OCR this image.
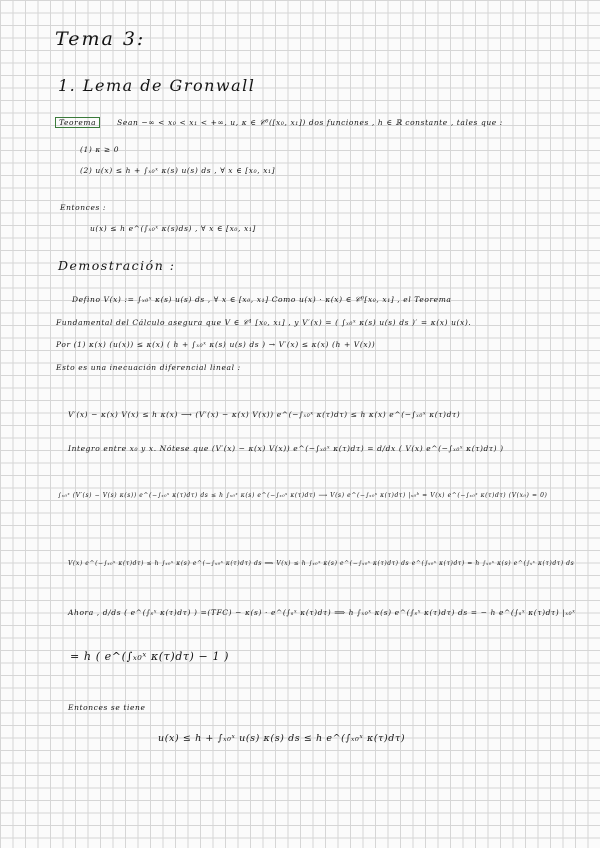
Tema 3:
1. Lema de Gronwall
Teorema	Sean −∞ < x₀ < x₁ < +∞, u, κ ∈ 𝒞⁰([x₀, x₁]) dos funciones , h ∈ ℝ constante , tales que :
(1) κ ≥ 0
(2) u(x) ≤ h + ∫ₓ₀ˣ κ(s) u(s) ds , ∀ x ∈ [x₀, x₁]
Entonces :
u(x) ≤ h e^(∫ₓ₀ˣ κ(s)ds) , ∀ x ∈ [x₀, x₁]
Demostración :
Defino V(x) := ∫ₓ₀ˣ κ(s) u(s) ds , ∀ x ∈ [x₀, x₁] Como u(x) · κ(x) ∈ 𝒞⁰[x₀, x₁] , el Teorema
Fundamental del Cálculo asegura que V ∈ 𝒞¹ [x₀, x₁] , y V′(x) = ( ∫ₓ₀ˣ κ(s) u(s) ds )′ = κ(x) u(x).
Por (1) κ(x) (u(x)) ≤ κ(x) ( h + ∫ₓ₀ˣ κ(s) u(s) ds ) → V′(x) ≤ κ(x) (h + V(x))
Esto es una inecuación diferencial lineal :
V′(x) − κ(x) V(x) ≤ h κ(x) ⟶ (V′(x) − κ(x) V(x)) e^(−∫ₓ₀ˣ κ(τ)dτ) ≤ h κ(x) e^(−∫ₓ₀ˣ κ(τ)dτ)
Integro entre x₀ y x. Nótese que (V′(x) − κ(x) V(x)) e^(−∫ₓ₀ˣ κ(τ)dτ) = d/dx ( V(x) e^(−∫ₓ₀ˣ κ(τ)dτ) )
∫ₓ₀ˣ (V′(s) − V(s) κ(s)) e^(−∫ₓ₀ˢ κ(τ)dτ) ds ≤ h ∫ₓ₀ˣ κ(s) e^(−∫ₓ₀ˢ κ(τ)dτ) ⟶ V(s) e^(−∫ₓ₀ˢ κ(τ)dτ) |ₓ₀ᵇ = V(x) e^(−∫ₓ₀ˣ κ(τ)dτ) (V(x₀) = 0)
V(x) e^(−∫ₓ₀ˣ κ(τ)dτ) ≤ h ∫ₓ₀ˣ κ(s) e^(−∫ₓ₀ˢ κ(τ)dτ) ds ⟹ V(x) ≤ h ∫ₓ₀ˣ κ(s) e^(−∫ₓ₀ˢ κ(τ)dτ) ds e^(∫ₓ₀ˣ κ(τ)dτ) = h ∫ₓ₀ˣ κ(s) e^(∫ₛˣ κ(τ)dτ) ds
Ahora , d/ds ( e^(∫ₛˣ κ(τ)dτ) ) =(TFC) − κ(s) · e^(∫ₛˣ κ(τ)dτ) ⟹ h ∫ₓ₀ˣ κ(s) e^(∫ₛˣ κ(τ)dτ) ds = − h e^(∫ₛˣ κ(τ)dτ) |ₓ₀ˣ
= h ( e^(∫ₓ₀ˣ κ(τ)dτ) − 1 )
Entonces se tiene
u(x) ≤ h + ∫ₓ₀ˣ u(s) κ(s) ds ≤ h e^(∫ₓ₀ˣ κ(τ)dτ)
